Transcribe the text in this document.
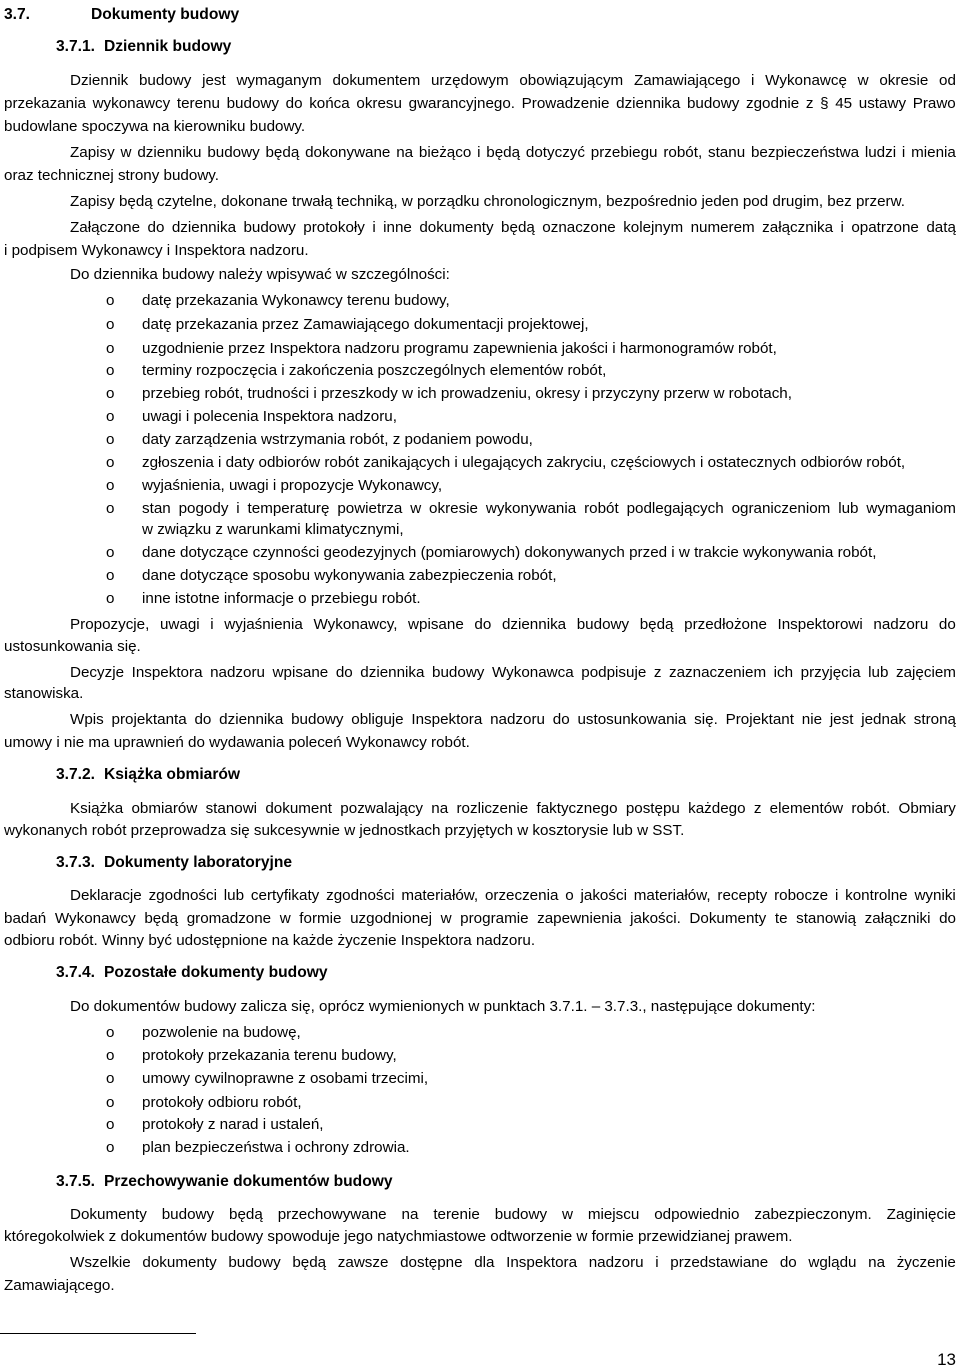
3.7.	Dokumenty budowy
3.7.1. Dziennik budowy
Dziennik budowy jest wymaganym dokumentem urzędowym obowiązującym Zamawiającego i Wykonawcę w okresie od
przekazania wykonawcy terenu budowy do końca okresu gwarancyjnego. Prowadzenie dziennika budowy zgodnie z § 45 ustawy Prawo
budowlane spoczywa na kierowniku budowy.
Zapisy w dzienniku budowy będą dokonywane na bieżąco i będą dotyczyć przebiegu robót, stanu bezpieczeństwa ludzi i mienia
oraz technicznej strony budowy.
Zapisy będą czytelne, dokonane trwałą techniką, w porządku chronologicznym, bezpośrednio jeden pod drugim, bez przerw.
Załączone do dziennika budowy protokoły i inne dokumenty będą oznaczone kolejnym numerem załącznika i opatrzone datą
i podpisem Wykonawcy i Inspektora nadzoru.
Do dziennika budowy należy wpisywać w szczególności:
o datę przekazania Wykonawcy terenu budowy,
o datę przekazania przez Zamawiającego dokumentacji projektowej,
o uzgodnienie przez Inspektora nadzoru programu zapewnienia jakości i harmonogramów robót,
o terminy rozpoczęcia i zakończenia poszczególnych elementów robót,
o przebieg robót, trudności i przeszkody w ich prowadzeniu, okresy i przyczyny przerw w robotach,
o uwagi i polecenia Inspektora nadzoru,
o daty zarządzenia wstrzymania robót, z podaniem powodu,
o zgłoszenia i daty odbiorów robót zanikających i ulegających zakryciu, częściowych i ostatecznych odbiorów robót,
o wyjaśnienia, uwagi i propozycje Wykonawcy,
o stan pogody i temperaturę powietrza w okresie wykonywania robót podlegających ograniczeniom lub wymaganiom
w związku z warunkami klimatycznymi,
o dane dotyczące czynności geodezyjnych (pomiarowych) dokonywanych przed i w trakcie wykonywania robót,
o dane dotyczące sposobu wykonywania zabezpieczenia robót,
o inne istotne informacje o przebiegu robót.
Propozycje, uwagi i wyjaśnienia Wykonawcy, wpisane do dziennika budowy będą przedłożone Inspektorowi nadzoru do
ustosunkowania się.
Decyzje Inspektora nadzoru wpisane do dziennika budowy Wykonawca podpisuje z zaznaczeniem ich przyjęcia lub zajęciem
stanowiska.
Wpis projektanta do dziennika budowy obliguje Inspektora nadzoru do ustosunkowania się. Projektant nie jest jednak stroną
umowy i nie ma uprawnień do wydawania poleceń Wykonawcy robót.
3.7.2. Książka obmiarów
Książka obmiarów stanowi dokument pozwalający na rozliczenie faktycznego postępu każdego z elementów robót. Obmiary
wykonanych robót przeprowadza się sukcesywnie w jednostkach przyjętych w kosztorysie lub w SST.
3.7.3. Dokumenty laboratoryjne
Deklaracje zgodności lub certyfikaty zgodności materiałów, orzeczenia o jakości materiałów, recepty robocze i kontrolne wyniki
badań Wykonawcy będą gromadzone w formie uzgodnionej w programie zapewnienia jakości. Dokumenty te stanowią załączniki do
odbioru robót. Winny być udostępnione na każde życzenie Inspektora nadzoru.
3.7.4. Pozostałe dokumenty budowy
Do dokumentów budowy zalicza się, oprócz wymienionych w punktach 3.7.1. – 3.7.3., następujące dokumenty:
o pozwolenie na budowę,
o protokoły przekazania terenu budowy,
o umowy cywilnoprawne z osobami trzecimi,
o protokoły odbioru robót,
o protokoły z narad i ustaleń,
o plan bezpieczeństwa i ochrony zdrowia.
3.7.5. Przechowywanie dokumentów budowy
Dokumenty budowy będą przechowywane na terenie budowy w miejscu odpowiednio zabezpieczonym. Zaginięcie
któregokolwiek z dokumentów budowy spowoduje jego natychmiastowe odtworzenie w formie przewidzianej prawem.
Wszelkie dokumenty budowy będą zawsze dostępne dla Inspektora nadzoru i przedstawiane do wglądu na życzenie
Zamawiającego.
13
